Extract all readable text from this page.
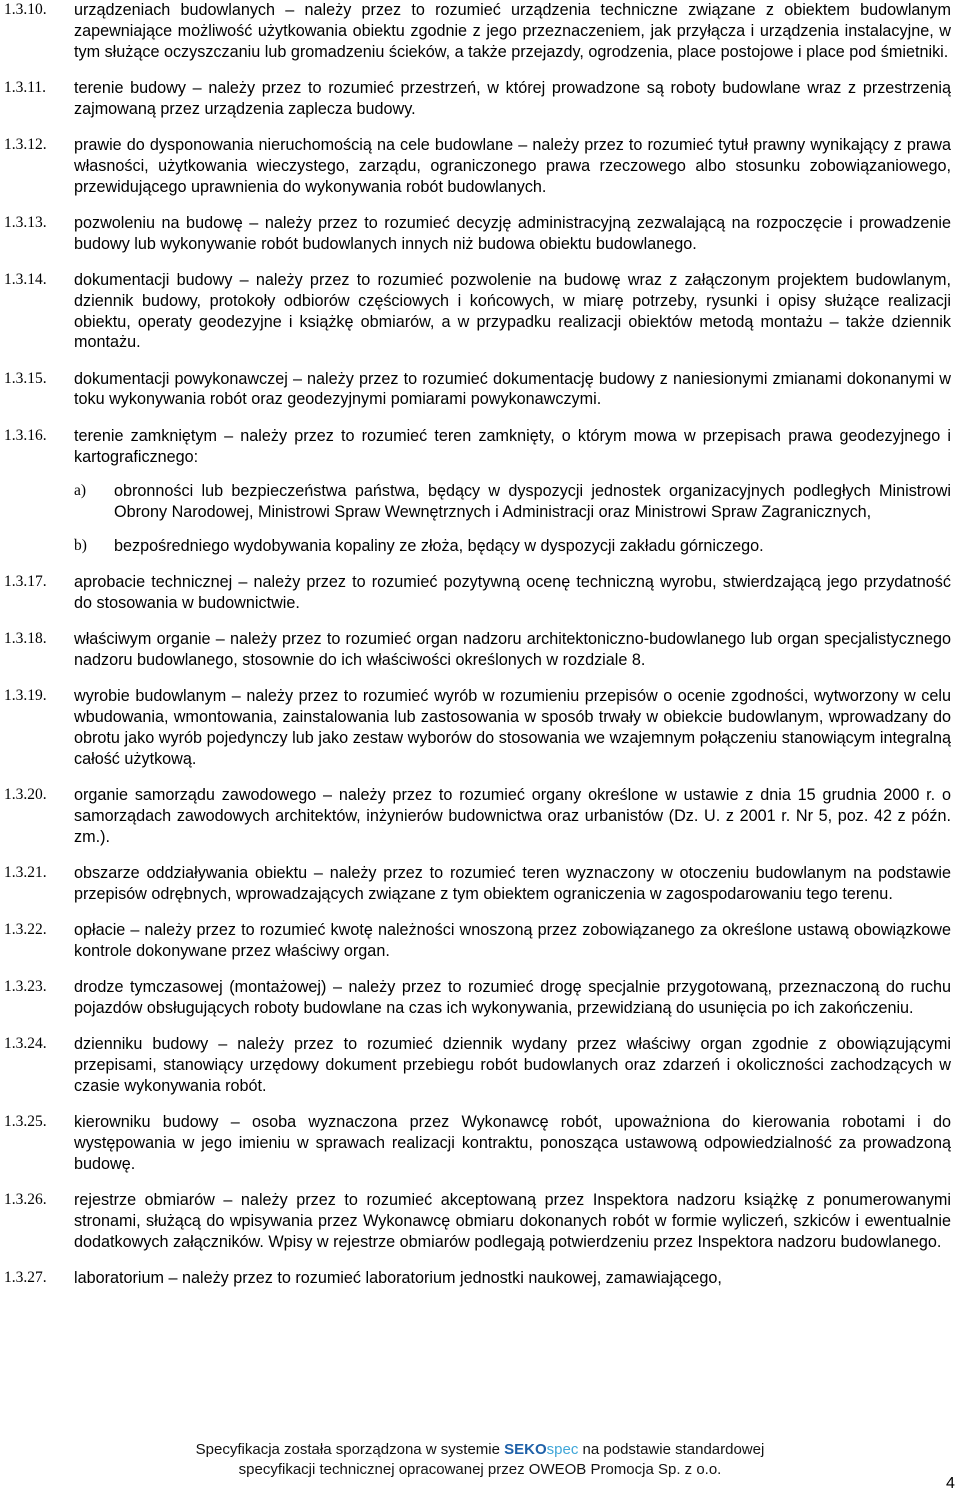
1.3.10.	urządzeniach budowlanych – należy przez to rozumieć urządzenia techniczne związane z obiektem budowlanym zapewniające możliwość użytkowania obiektu zgodnie z jego przeznaczeniem, jak przyłącza i urządzenia instalacyjne, w tym służące oczyszczaniu lub gromadzeniu ścieków, a także przejazdy, ogrodzenia, place postojowe i place pod śmietniki.
1.3.11.	terenie budowy – należy przez to rozumieć przestrzeń, w której prowadzone są roboty budowlane wraz z przestrzenią zajmowaną przez urządzenia zaplecza budowy.
1.3.12.	prawie do dysponowania nieruchomością na cele budowlane – należy przez to rozumieć tytuł prawny wynikający z prawa własności, użytkowania wieczystego, zarządu, ograniczonego prawa rzeczowego albo stosunku zobowiązaniowego, przewidującego uprawnienia do wykonywania robót budowlanych.
1.3.13.	pozwoleniu na budowę – należy przez to rozumieć decyzję administracyjną zezwalającą na rozpoczęcie i prowadzenie budowy lub wykonywanie robót budowlanych innych niż budowa obiektu budowlanego.
1.3.14.	dokumentacji budowy – należy przez to rozumieć pozwolenie na budowę wraz z załączonym projektem budowlanym, dziennik budowy, protokoły odbiorów częściowych i końcowych, w miarę potrzeby, rysunki i opisy służące realizacji obiektu, operaty geodezyjne i książkę obmiarów, a w przypadku realizacji obiektów metodą montażu – także dziennik montażu.
1.3.15.	dokumentacji powykonawczej – należy przez to rozumieć dokumentację budowy z naniesionymi zmianami dokonanymi w toku wykonywania robót oraz geodezyjnymi pomiarami powykonawczymi.
1.3.16.	terenie zamkniętym – należy przez to rozumieć teren zamknięty, o którym mowa w przepisach prawa geodezyjnego i kartograficznego:
a)	obronności lub bezpieczeństwa państwa, będący w dyspozycji jednostek organizacyjnych podległych Ministrowi Obrony Narodowej, Ministrowi Spraw Wewnętrznych i Administracji oraz Ministrowi Spraw Zagranicznych,
b)	bezpośredniego wydobywania kopaliny ze złoża, będący w dyspozycji zakładu górniczego.
1.3.17.	aprobacie technicznej – należy przez to rozumieć pozytywną ocenę techniczną wyrobu, stwierdzającą jego przydatność do stosowania w budownictwie.
1.3.18.	właściwym organie – należy przez to rozumieć organ nadzoru architektoniczno-budowlanego lub organ specjalistycznego nadzoru budowlanego, stosownie do ich właściwości określonych w rozdziale 8.
1.3.19.	wyrobie budowlanym – należy przez to rozumieć wyrób w rozumieniu przepisów o ocenie zgodności, wytworzony w celu wbudowania, wmontowania, zainstalowania lub zastosowania w sposób trwały w obiekcie budowlanym, wprowadzany do obrotu jako wyrób pojedynczy lub jako zestaw wyborów do stosowania we wzajemnym połączeniu stanowiącym integralną całość użytkową.
1.3.20.	organie samorządu zawodowego – należy przez to rozumieć organy określone w ustawie z dnia 15 grudnia 2000 r. o samorządach zawodowych architektów, inżynierów budownictwa oraz urbanistów (Dz. U. z 2001 r. Nr 5, poz. 42 z późn. zm.).
1.3.21.	obszarze oddziaływania obiektu – należy przez to rozumieć teren wyznaczony w otoczeniu budowlanym na podstawie przepisów odrębnych, wprowadzających związane z tym obiektem ograniczenia w zagospodarowaniu tego terenu.
1.3.22.	opłacie – należy przez to rozumieć kwotę należności wnoszoną przez zobowiązanego za określone ustawą obowiązkowe kontrole dokonywane przez właściwy organ.
1.3.23.	drodze tymczasowej (montażowej) – należy przez to rozumieć drogę specjalnie przygotowaną, przeznaczoną do ruchu pojazdów obsługujących roboty budowlane na czas ich wykonywania, przewidzianą do usunięcia po ich zakończeniu.
1.3.24.	dzienniku budowy – należy przez to rozumieć dziennik wydany przez właściwy organ zgodnie z obowiązującymi przepisami, stanowiący urzędowy dokument przebiegu robót budowlanych oraz zdarzeń i okoliczności zachodzących w czasie wykonywania robót.
1.3.25.	kierowniku budowy – osoba wyznaczona przez Wykonawcę robót, upoważniona do kierowania robotami i do występowania w jego imieniu w sprawach realizacji kontraktu, ponosząca ustawową odpowiedzialność za prowadzoną budowę.
1.3.26.	rejestrze obmiarów – należy przez to rozumieć akceptowaną przez Inspektora nadzoru książkę z ponumerowanymi stronami, służącą do wpisywania przez Wykonawcę obmiaru dokonanych robót w formie wyliczeń, szkiców i ewentualnie dodatkowych załączników. Wpisy w rejestrze obmiarów podlegają potwierdzeniu przez Inspektora nadzoru budowlanego.
1.3.27.	laboratorium – należy przez to rozumieć laboratorium jednostki naukowej, zamawiającego,
Specyfikacja została sporządzona w systemie SEKOspec na podstawie standardowej
specyfikacji technicznej opracowanej przez OWEOB Promocja Sp. z o.o.
4
